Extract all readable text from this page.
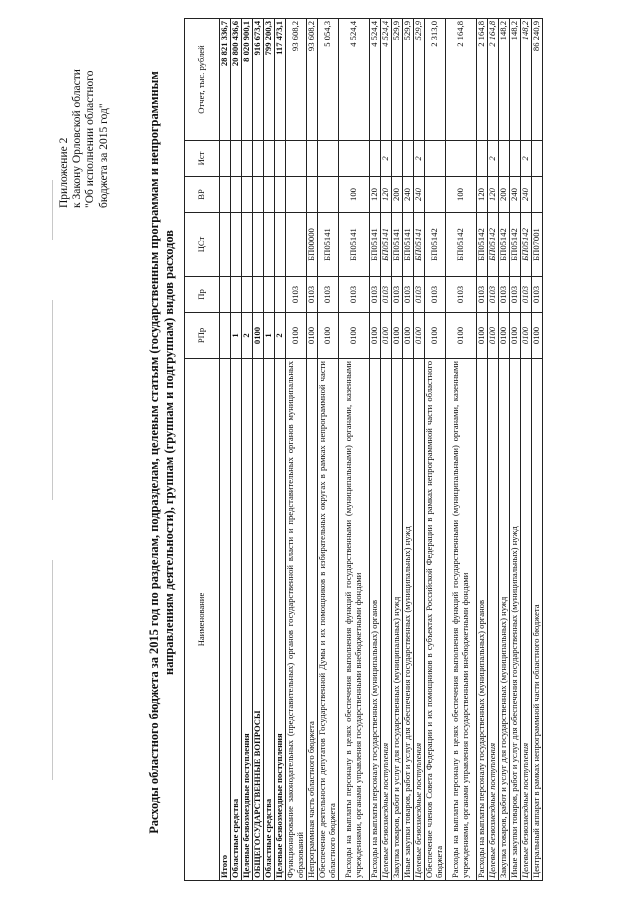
Приложение 2 к Закону Орловской области "Об исполнении областного бюджета за 2015 год"	Расходы областного бюджета за 2015 год по разделам, подразделам, целевым статьям (государственным программам и непрограммным направлениям деятельности), группам (группам и подгруппам) видов расходов Наименование	РПр	Пр	ЦСт	ВР	Ист	Отчет, тыс. рублей
Итого						28 821 336,7
Областные средства	1					20 800 436,6
Целевые безвозмездные поступления	2					8 020 900,1
ОБЩЕГОСУДАРСТВЕННЫЕ ВОПРОСЫ	0100					916 673,4
Областные средства	1					799 200,3
Целевые безвозмездные поступления	2					117 473,1
Функционирование законодательных (представительных) органов государственной власти и представительных органов муниципальных образований	0100	0103				93 608,2
Непрограммная часть областного бюджета	0100	0103	БП00000			93 608,2
Обеспечение деятельности депутатов Государственной Думы и их помощников в избирательных округах в рамках непрограммной части областного бюджета	0100	0103	БП05141			5 054,3
Расходы на выплаты персоналу в целях обеспечения выполнения функций государственными (муниципальными) органами, казенными учреждениями, органами управления государственными внебюджетными фондами	0100	0103	БП05141	100		4 524,4
Расходы на выплаты персоналу государственных (муниципальных) органов	0100	0103	БП05141	120		4 524,4
Целевые безвозмездные поступления	0100	0103	БП05141	120	2	4 524,4
Закупка товаров, работ и услуг для государственных (муниципальных) нужд	0100	0103	БП05141	200		529,9
Иные закупки товаров, работ и услуг для обеспечения государственных (муниципальных) нужд	0100	0103	БП05141	240		529,9
Целевые безвозмездные поступления	0100	0103	БП05141	240	2	529,9
Обеспечение членов Совета Федерации и их помощников в субъектах Российской Федерации в рамках непрограммной части областного бюджета	0100	0103	БП05142			2 313,0
Расходы на выплаты персоналу в целях обеспечения выполнения функций государственными (муниципальными) органами, казенными учреждениями, органами управления государственными внебюджетными фондами	0100	0103	БП05142	100		2 164,8
Расходы на выплаты персоналу государственных (муниципальных) органов	0100	0103	БП05142	120		2 164,8
Целевые безвозмездные поступления	0100	0103	БП05142	120	2	2 164,8
Закупка товаров, работ и услуг для государственных (муниципальных) нужд	0100	0103	БП05142	200		148,2
Иные закупки товаров, работ и услуг для обеспечения государственных (муниципальных) нужд	0100	0103	БП05142	240		148,2
Целевые безвозмездные поступления	0100	0103	БП05142	240	2	148,2
Центральный аппарат в рамках непрограммной части областного бюджета	0100	0103	БП07001			86 240,9
